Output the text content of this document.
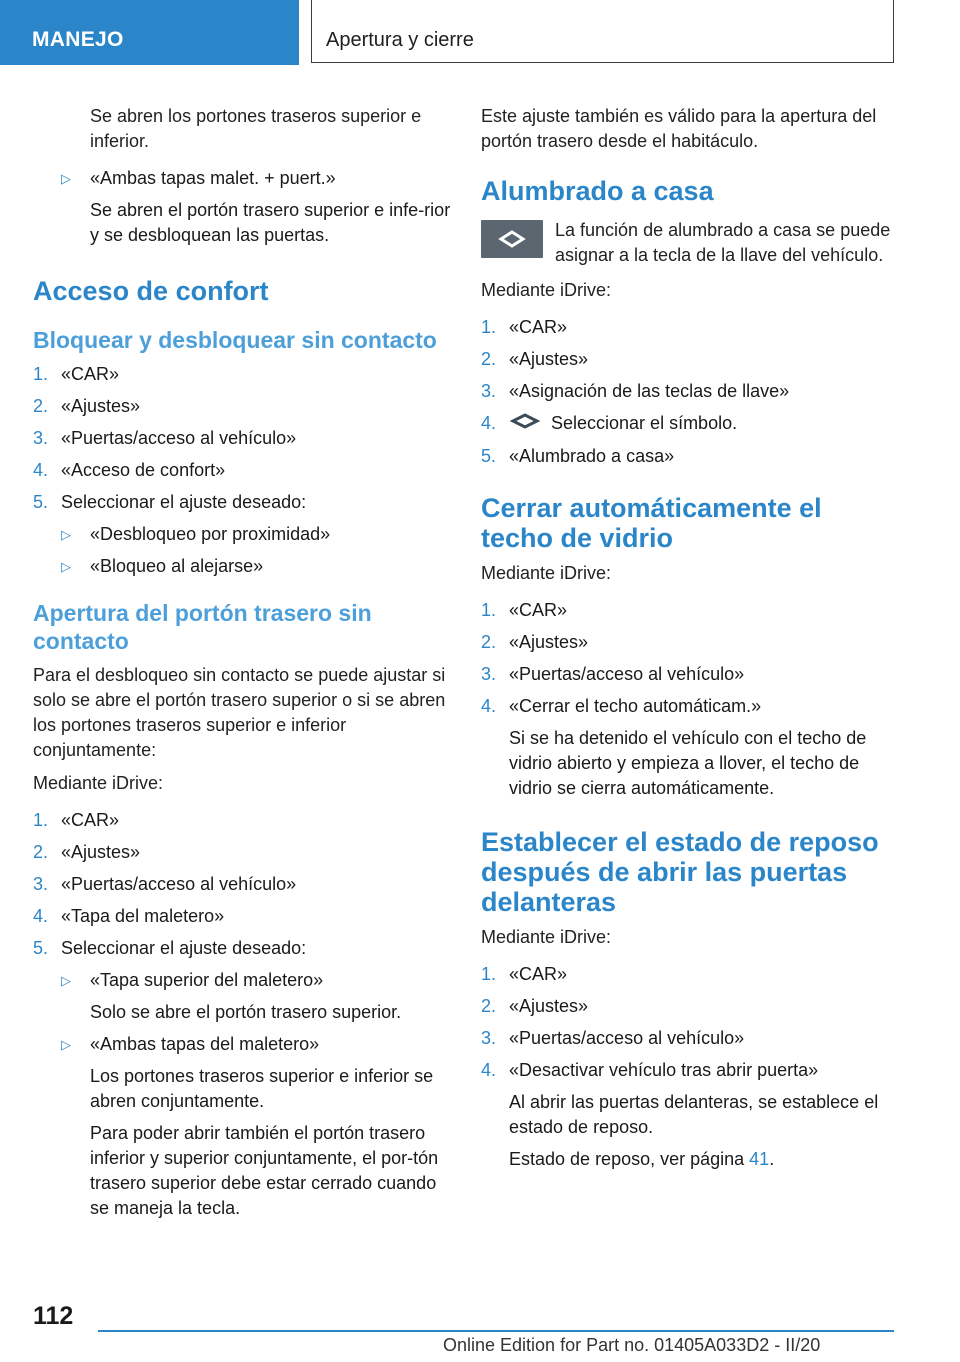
MANEJO	Apertura y cierre

Se abren los portones traseros superior e inferior.

▷	«Ambas tapas malet. + puert.»

Se abren el portón trasero superior e infe-rior y se desbloquean las puertas.

Acceso de confort
Bloquear y desbloquear sin contacto
1. «CAR»
2. «Ajustes»
3. «Puertas/acceso al vehículo»
4. «Acceso de confort»
5. Seleccionar el ajuste deseado:
▷	«Desbloqueo por proximidad»
▷	«Bloqueo al alejarse»
Apertura del portón trasero sin contacto

Para el desbloqueo sin contacto se puede ajustar si solo se abre el portón trasero superior o si se abren los portones traseros superior e inferior conjuntamente:

Mediante iDrive:

1. «CAR»
2. «Ajustes»
3. «Puertas/acceso al vehículo»
4. «Tapa del maletero»
5. Seleccionar el ajuste deseado:
▷	«Tapa superior del maletero»

Solo se abre el portón trasero superior.

▷	«Ambas tapas del maletero»

Los portones traseros superior e inferior se abren conjuntamente.

Para poder abrir también el portón trasero inferior y superior conjuntamente, el por-tón trasero superior debe estar cerrado cuando se maneja la tecla.

Este ajuste también es válido para la apertura del portón trasero desde el habitáculo.

Alumbrado a casa

La función de alumbrado a casa se puede asignar a la tecla de la llave del vehículo.

Mediante iDrive:

1. «CAR»
2. «Ajustes»
3. «Asignación de las teclas de llave»
4.	Seleccionar el símbolo.
5. «Alumbrado a casa»
Cerrar automáticamente el techo de vidrio

Mediante iDrive:

1. «CAR»
2. «Ajustes»
3. «Puertas/acceso al vehículo»
4. «Cerrar el techo automáticam.»

Si se ha detenido el vehículo con el techo de vidrio abierto y empieza a llover, el techo de vidrio se cierra automáticamente.

Establecer el estado de reposo después de abrir las puertas delanteras

Mediante iDrive:

1. «CAR»
2. «Ajustes»
3. «Puertas/acceso al vehículo»
4. «Desactivar vehículo tras abrir puerta»

Al abrir las puertas delanteras, se establece el estado de reposo.

Estado de reposo, ver página 41.

112
Online Edition for Part no. 01405A033D2 - II/20
